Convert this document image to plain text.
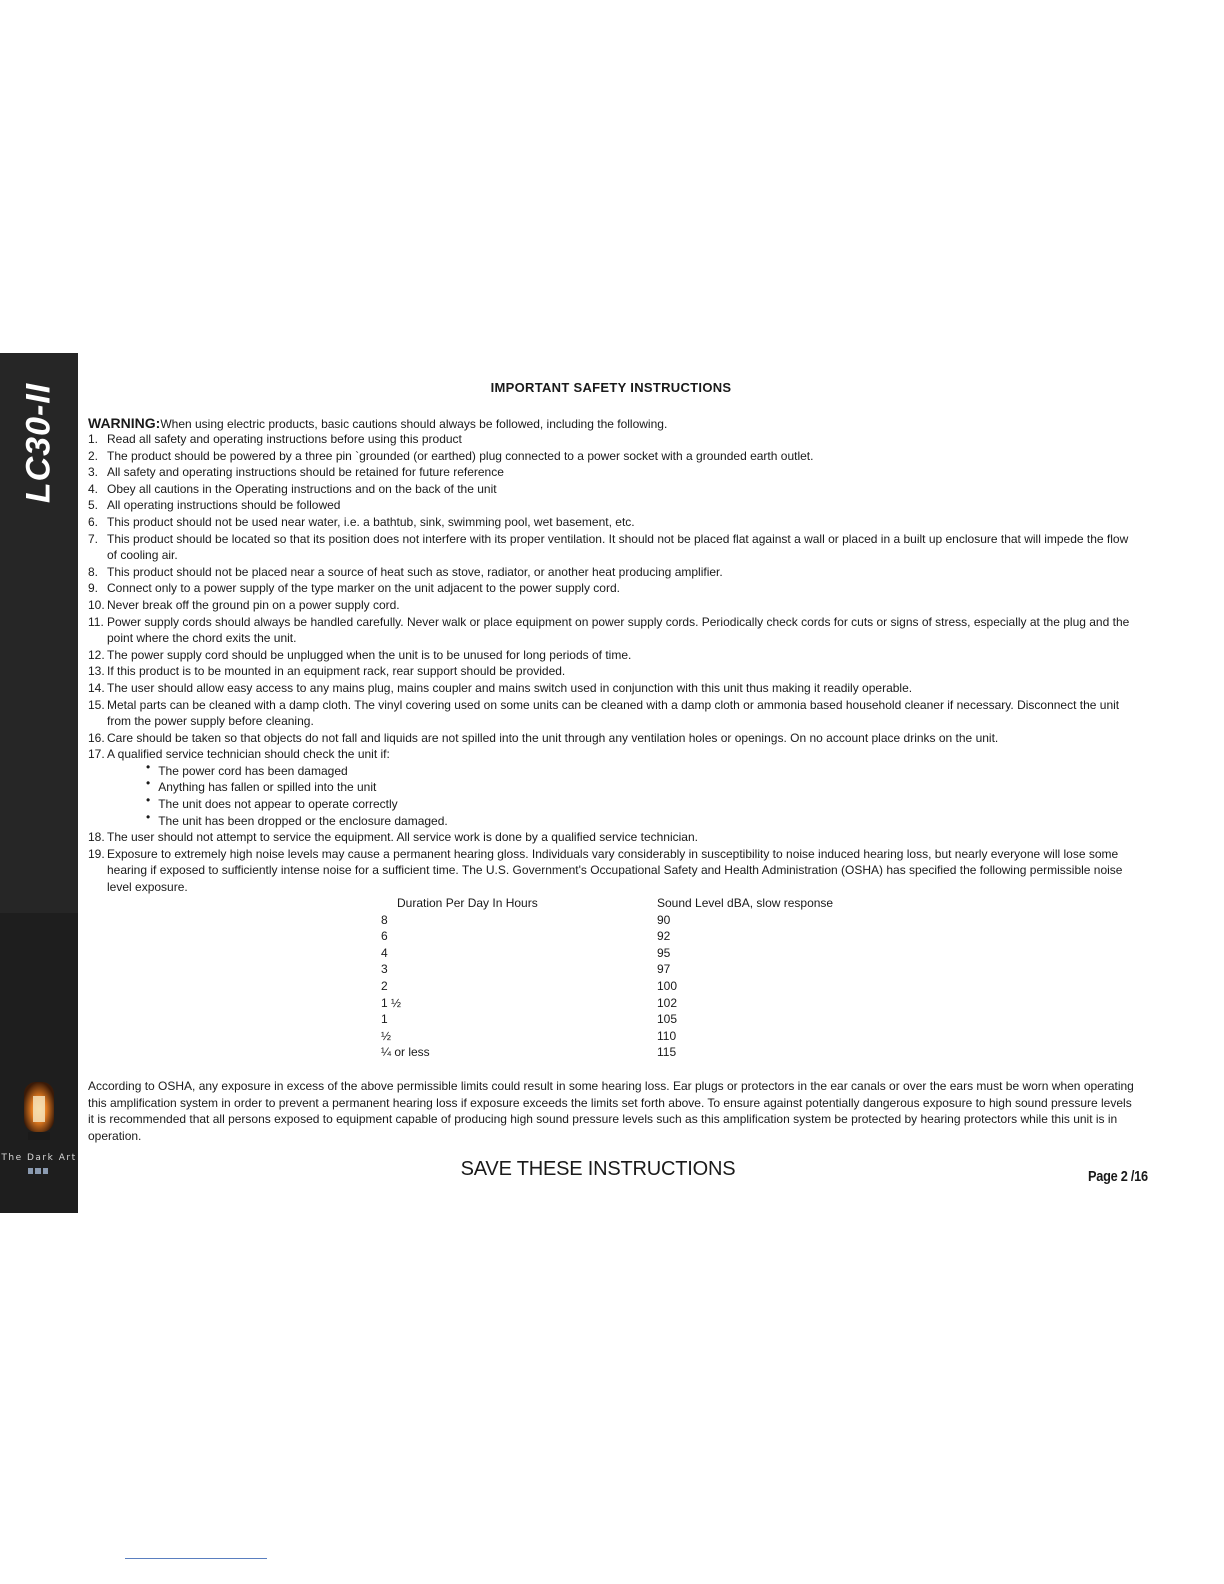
LC30-II
The Dark Art
IMPORTANT SAFETY INSTRUCTIONS
WARNING:When using electric products, basic cautions should always be followed, including the following.
1. Read all safety and operating instructions before using this product
2. The product should be powered by a three pin `grounded (or earthed) plug connected to a power socket with a grounded earth outlet.
3. All safety and operating instructions should be retained for future reference
4. Obey all cautions in the Operating instructions and on the back of the unit
5. All operating instructions should be followed
6. This product should not be used near water, i.e. a bathtub, sink, swimming pool, wet basement, etc.
7. This product should be located so that its position does not interfere with its proper ventilation. It should not be placed flat against a wall or placed in a built up enclosure that will impede the flow of cooling air.
8. This product should not be placed near a source of heat such as stove, radiator, or another heat producing amplifier.
9. Connect only to a power supply of the type marker on the unit adjacent to the power supply cord.
10. Never break off the ground pin on a power supply cord.
11. Power supply cords should always be handled carefully. Never walk or place equipment on power supply cords. Periodically check cords for cuts or signs of stress, especially at the plug and the point where the chord exits the unit.
12. The power supply cord should be unplugged when the unit is to be unused for long periods of time.
13. If this product is to be mounted in an equipment rack, rear support should be provided.
14. The user should allow easy access to any mains plug, mains coupler and mains switch used in conjunction with this unit thus making it readily operable.
15. Metal parts can be cleaned with a damp cloth. The vinyl covering used on some units can be cleaned with a damp cloth or ammonia based household cleaner if necessary. Disconnect the unit from the power supply before cleaning.
16. Care should be taken so that objects do not fall and liquids are not spilled into the unit through any ventilation holes or openings. On no account place drinks on the unit.
17. A qualified service technician should check the unit if:
• The power cord has been damaged
• Anything has fallen or spilled into the unit
• The unit does not appear to operate correctly
• The unit has been dropped or the enclosure damaged.
18. The user should not attempt to service the equipment. All service work is done by a qualified service technician.
19. Exposure to extremely high noise levels may cause a permanent hearing gloss. Individuals vary considerably in susceptibility to noise induced hearing loss, but nearly everyone will lose some hearing if exposed to sufficiently intense noise for a sufficient time. The U.S. Government's Occupational Safety and Health Administration (OSHA) has specified the following permissible noise level exposure.
Duration Per Day In Hours	Sound Level dBA, slow response
8	90
6	92
4	95
3	97
2	100
1 ½	102
1	105
½	110
¼ or less	115
According to OSHA, any exposure in excess of the above permissible limits could result in some hearing loss. Ear plugs or protectors in the ear canals or over the ears must be worn when operating this amplification system in order to prevent a permanent hearing loss if exposure exceeds the limits set forth above. To ensure against potentially dangerous exposure to high sound pressure levels it is recommended that all persons exposed to equipment capable of producing high sound pressure levels such as this amplification system be protected by hearing protectors while this unit is in operation.
SAVE THESE INSTRUCTIONS	Page 2 /16
